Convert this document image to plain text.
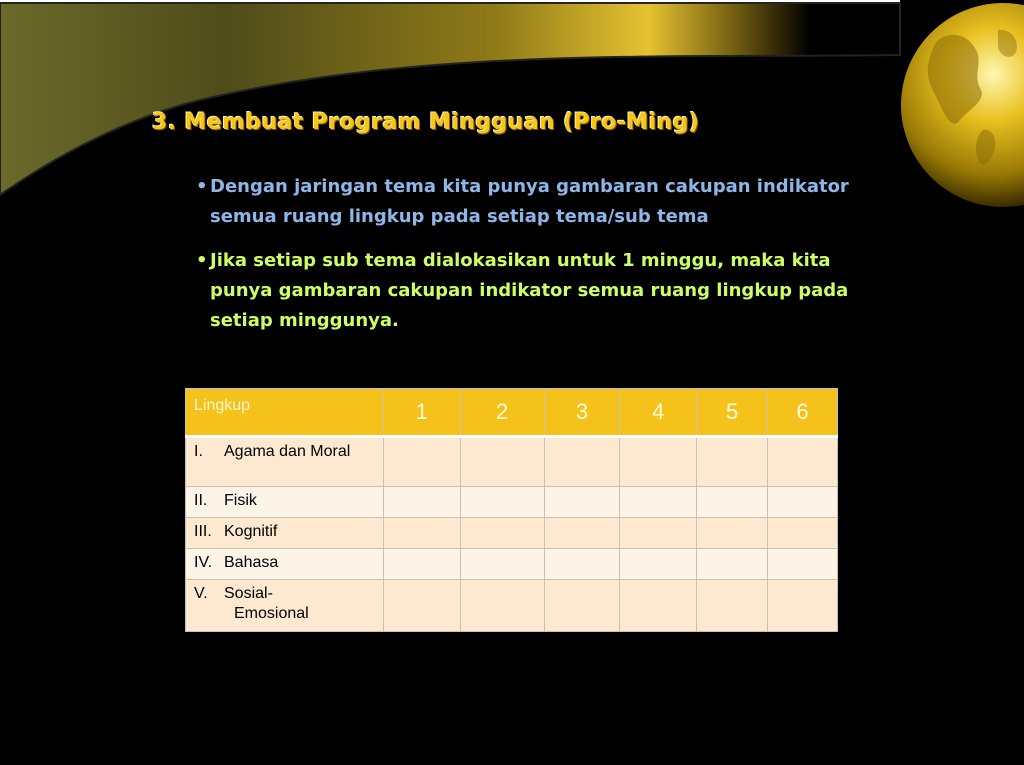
3. Membuat Program Mingguan (Pro-Ming)
• Dengan jaringan tema kita punya gambaran cakupan indikator semua ruang lingkup pada setiap tema/sub tema
• Jika setiap sub tema dialokasikan untuk 1 minggu, maka kita punya gambaran cakupan indikator semua ruang lingkup pada setiap minggunya.
Lingkup	1	2	3	4	5	6
I. Agama dan Moral						
II. Fisik						
III. Kognitif						
IV. Bahasa						
V. Sosial-
Emosional						
